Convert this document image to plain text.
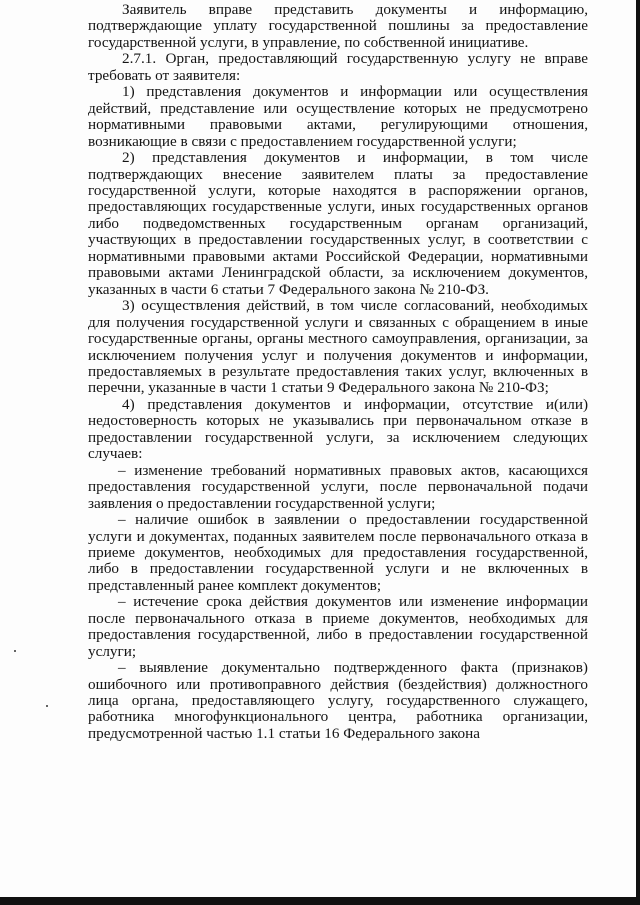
Заявитель вправе представить документы и информацию, подтверждающие уплату государственной пошлины за предоставление государственной услуги, в управление, по собственной инициативе.

2.7.1. Орган, предоставляющий государственную услугу не вправе требовать от заявителя:

1) представления документов и информации или осуществления действий, представление или осуществление которых не предусмотрено нормативными правовыми актами, регулирующими отношения, возникающие в связи с предоставлением государственной услуги;

2) представления документов и информации, в том числе подтверждающих внесение заявителем платы за предоставление государственной услуги, которые находятся в распоряжении органов, предоставляющих государственные услуги, иных государственных органов либо подведомственных государственным органам организаций, участвующих в предоставлении государственных услуг, в соответствии с нормативными правовыми актами Российской Федерации, нормативными правовыми актами Ленинградской области, за исключением документов, указанных в части 6 статьи 7 Федерального закона № 210-ФЗ.

3) осуществления действий, в том числе согласований, необходимых для получения государственной услуги и связанных с обращением в иные государственные органы, органы местного самоуправления, организации, за исключением получения услуг и получения документов и информации, предоставляемых в результате предоставления таких услуг, включенных в перечни, указанные в части 1 статьи 9 Федерального закона № 210-ФЗ;

4) представления документов и информации, отсутствие и(или) недостоверность которых не указывались при первоначальном отказе в предоставлении государственной услуги, за исключением следующих случаев:

– изменение требований нормативных правовых актов, касающихся предоставления государственной услуги, после первоначальной подачи заявления о предоставлении государственной услуги;

– наличие ошибок в заявлении о предоставлении государственной услуги и документах, поданных заявителем после первоначального отказа в приеме документов, необходимых для предоставления государственной, либо в предоставлении государственной услуги и не включенных в представленный ранее комплект документов;

– истечение срока действия документов или изменение информации после первоначального отказа в приеме документов, необходимых для предоставления государственной, либо в предоставлении государственной услуги;

– выявление документально подтвержденного факта (признаков) ошибочного или противоправного действия (бездействия) должностного лица органа, предоставляющего услугу, государственного служащего, работника многофункционального центра, работника организации, предусмотренной частью 1.1 статьи 16 Федерального закона
